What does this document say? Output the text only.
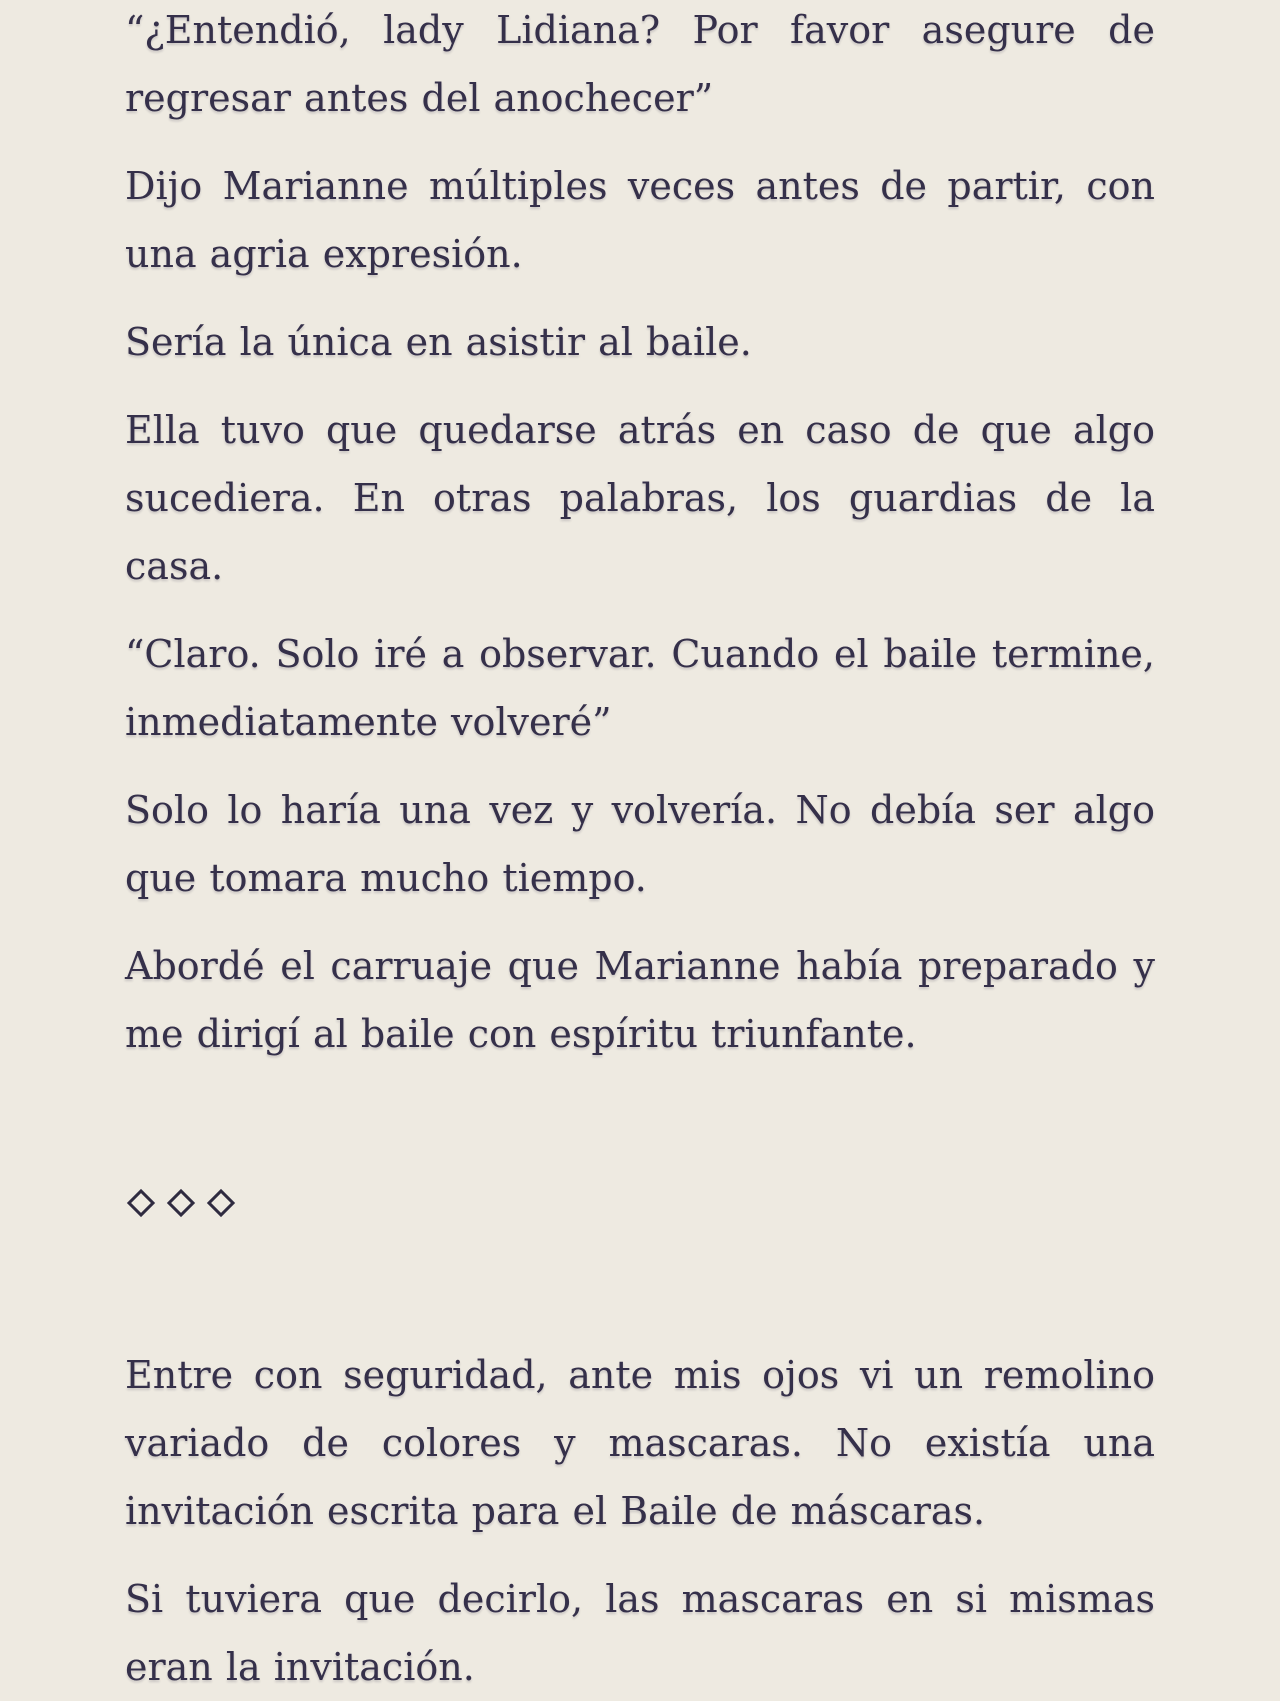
“¿Entendió, lady Lidiana? Por favor asegure de regresar antes del anochecer”

Dijo Marianne múltiples veces antes de partir, con una agria expresión.

Sería la única en asistir al baile.

Ella tuvo que quedarse atrás en caso de que algo sucediera. En otras palabras, los guardias de la casa.

“Claro. Solo iré a observar. Cuando el baile termine, inmediatamente volveré”

Solo lo haría una vez y volvería. No debía ser algo que tomara mucho tiempo.

Abordé el carruaje que Marianne había preparado y me dirigí al baile con espíritu triunfante.

Entre con seguridad, ante mis ojos vi un remolino variado de colores y mascaras. No existía una invitación escrita para el Baile de máscaras.

Si tuviera que decirlo, las mascaras en si mismas eran la invitación.
